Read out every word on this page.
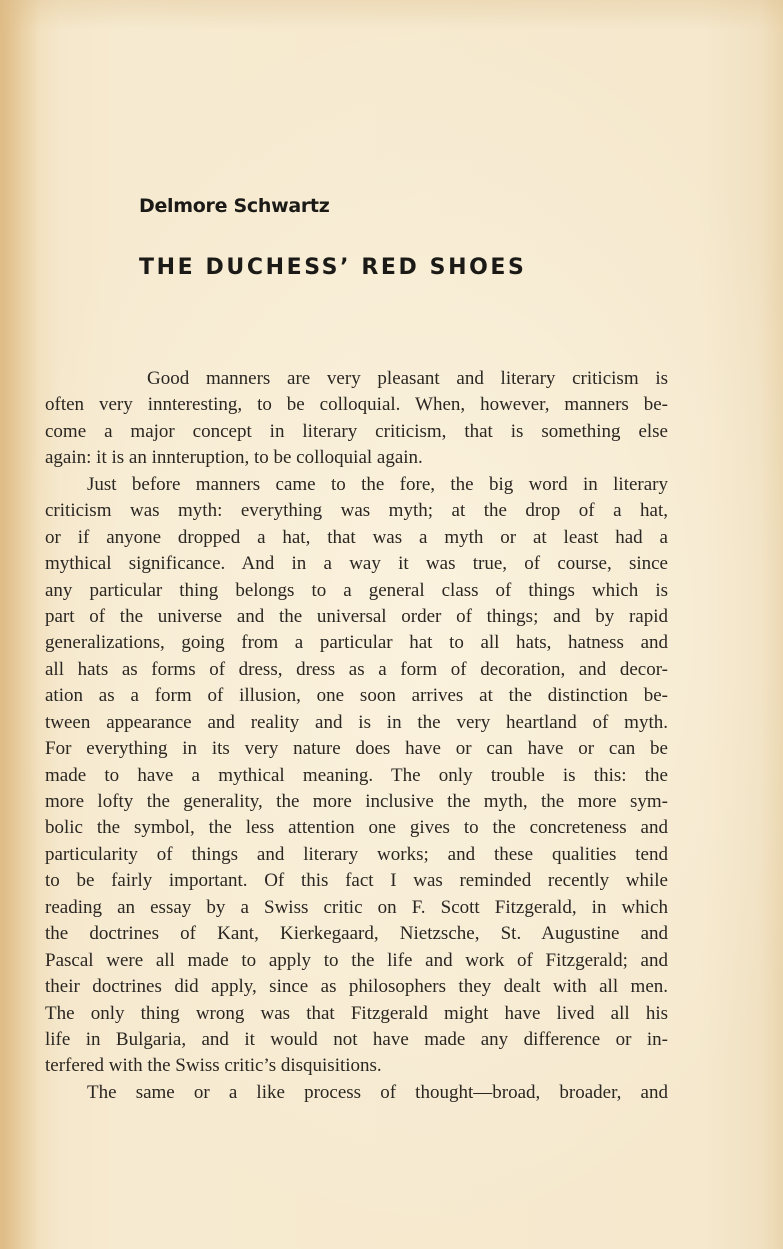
Delmore Schwartz
THE DUCHESS’ RED SHOES
Good manners are very pleasant and literary criticism is
often very innteresting, to be colloquial. When, however, manners be-
come a major concept in literary criticism, that is something else
again: it is an innteruption, to be colloquial again.
Just before manners came to the fore, the big word in literary
criticism was myth: everything was myth; at the drop of a hat,
or if anyone dropped a hat, that was a myth or at least had a
mythical significance. And in a way it was true, of course, since
any particular thing belongs to a general class of things which is
part of the universe and the universal order of things; and by rapid
generalizations, going from a particular hat to all hats, hatness and
all hats as forms of dress, dress as a form of decoration, and decor-
ation as a form of illusion, one soon arrives at the distinction be-
tween appearance and reality and is in the very heartland of myth.
For everything in its very nature does have or can have or can be
made to have a mythical meaning. The only trouble is this: the
more lofty the generality, the more inclusive the myth, the more sym-
bolic the symbol, the less attention one gives to the concreteness and
particularity of things and literary works; and these qualities tend
to be fairly important. Of this fact I was reminded recently while
reading an essay by a Swiss critic on F. Scott Fitzgerald, in which
the doctrines of Kant, Kierkegaard, Nietzsche, St. Augustine and
Pascal were all made to apply to the life and work of Fitzgerald; and
their doctrines did apply, since as philosophers they dealt with all men.
The only thing wrong was that Fitzgerald might have lived all his
life in Bulgaria, and it would not have made any difference or in-
terfered with the Swiss critic’s disquisitions.
The same or a like process of thought—broad, broader, and
